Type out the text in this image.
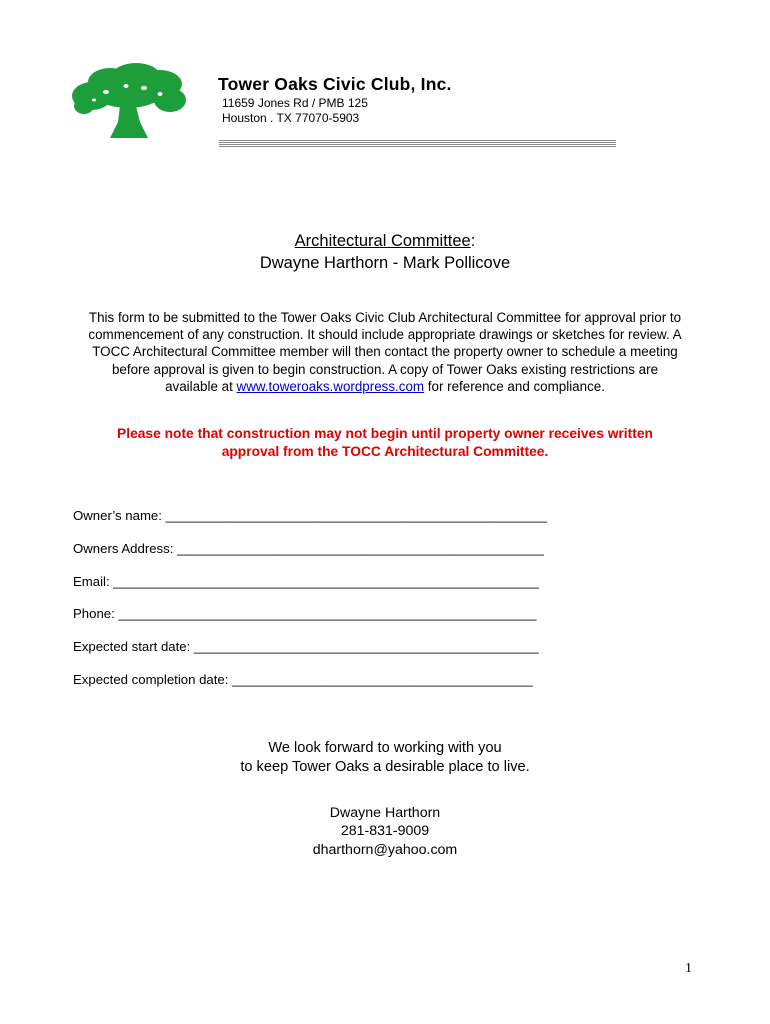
Tower Oaks Civic Club, Inc.
11659 Jones Rd / PMB 125
Houston . TX 77070-5903
Architectural Committee:
Dwayne Harthorn - Mark Pollicove
This form to be submitted to the Tower Oaks Civic Club Architectural Committee for approval prior to
commencement of any construction. It should include appropriate drawings or sketches for review. A
TOCC Architectural Committee member will then contact the property owner to schedule a meeting
before approval is given to begin construction. A copy of Tower Oaks existing restrictions are
available at www.toweroaks.wordpress.com for reference and compliance.
Please note that construction may not begin until property owner receives written
approval from the TOCC Architectural Committee.
Owner’s name: ____________________________________________________
Owners Address: __________________________________________________
Email: __________________________________________________________
Phone: _________________________________________________________
Expected start date: _______________________________________________
Expected completion date: _________________________________________
We look forward to working with you
to keep Tower Oaks a desirable place to live.
Dwayne Harthorn
281-831-9009
dharthorn@yahoo.com
1
